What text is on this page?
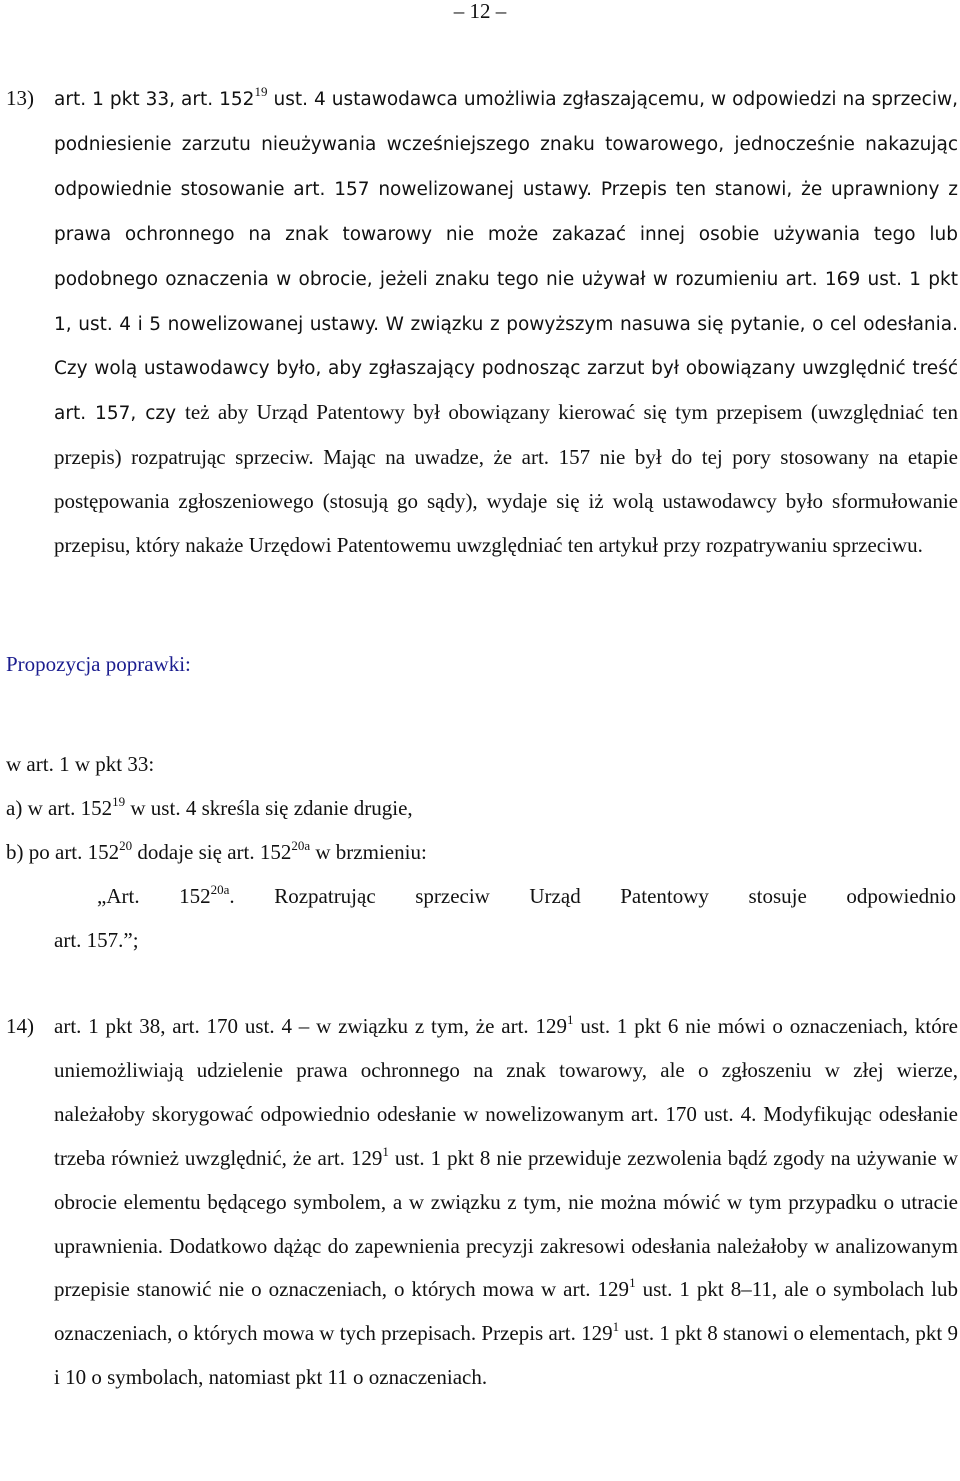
– 12 –
13) art. 1 pkt 33, art. $152^{19}$ ust. 4 ustawodawca umożliwia zgłaszającemu, w odpowiedzi na sprzeciw, podniesienie zarzutu nieużywania wcześniejszego znaku towarowego, jednocześnie nakazując odpowiednie stosowanie art. 157 nowelizowanej ustawy. Przepis ten stanowi, że uprawniony z prawa ochronnego na znak towarowy nie może zakazać innej osobie używania tego lub podobnego oznaczenia w obrocie, jeżeli znaku tego nie używał w rozumieniu art. 169 ust. 1 pkt 1, ust. 4 i 5 nowelizowanej ustawy. W związku z powyższym nasuwa się pytanie, o cel odesłania. Czy wolą ustawodawcy było, aby zgłaszający podnosząc zarzut był obowiązany uwzględnić treść art. 157, czy też aby Urząd Patentowy był obowiązany kierować się tym przepisem (uwzględniać ten przepis) rozpatrując sprzeciw. Mając na uwadze, że art. 157 nie był do tej pory stosowany na etapie postępowania zgłoszeniowego (stosują go sądy), wydaje się iż wolą ustawodawcy było sformułowanie przepisu, który nakaże Urzędowi Patentowemu uwzględniać ten artykuł przy rozpatrywaniu sprzeciwu.
Propozycja poprawki:
w art. 1 w pkt 33:
a) w art. $152^{19}$ w ust. 4 skreśla się zdanie drugie,
b) po art. $152^{20}$ dodaje się art. $152^{20a}$ w brzmieniu:
„Art. $152^{20a}$. Rozpatrując sprzeciw Urząd Patentowy stosuje odpowiednio
art. 157.”;
14) art. 1 pkt 38, art. 170 ust. 4 – w związku z tym, że art. $129^1$ ust. 1 pkt 6 nie mówi o oznaczeniach, które uniemożliwiają udzielenie prawa ochronnego na znak towarowy, ale o zgłoszeniu w złej wierze, należałoby skorygować odpowiednio odesłanie w nowelizowanym art. 170 ust. 4. Modyfikując odesłanie trzeba również uwzględnić, że art. $129^1$ ust. 1 pkt 8 nie przewiduje zezwolenia bądź zgody na używanie w obrocie elementu będącego symbolem, a w związku z tym, nie można mówić w tym przypadku o utracie uprawnienia. Dodatkowo dążąc do zapewnienia precyzji zakresowi odesłania należałoby w analizowanym przepisie stanowić nie o oznaczeniach, o których mowa w art. $129^1$ ust. 1 pkt 8–11, ale o symbolach lub oznaczeniach, o których mowa w tych przepisach. Przepis art. $129^1$ ust. 1 pkt 8 stanowi o elementach, pkt 9 i 10 o symbolach, natomiast pkt 11 o oznaczeniach.
